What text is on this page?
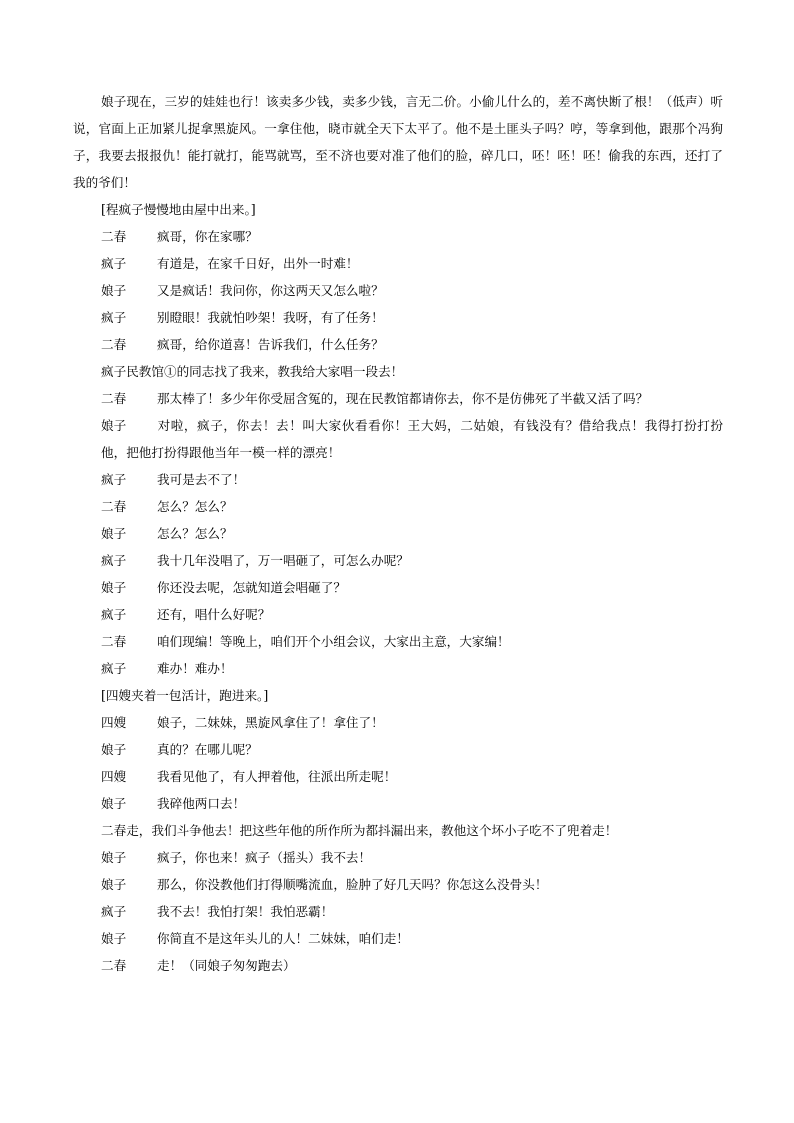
娘子现在，三岁的娃娃也行！该卖多少钱，卖多少钱，言无二价。小偷儿什么的，差不离快断了根！（低声）听说，官面上正加紧儿捉拿黑旋风。一拿住他，晓市就全天下太平了。他不是土匪头子吗？哼，等拿到他，跟那个冯狗子，我要去报报仇！能打就打，能骂就骂，至不济也要对准了他们的脸，碎几口，呸！呸！呸！偷我的东西，还打了我的爷们！

[程疯子慢慢地由屋中出来。]

二春 疯哥，你在家哪？

疯子 有道是，在家千日好，出外一时难！

娘子 又是疯话！我问你，你这两天又怎么啦？

疯子 别瞪眼！我就怕吵架！我呀，有了任务！

二春 疯哥，给你道喜！告诉我们，什么任务？

疯子民教馆①的同志找了我来，教我给大家唱一段去！

二春 那太棒了！多少年你受屈含冤的，现在民教馆都请你去，你不是仿佛死了半截又活了吗？

娘子 对啦，疯子，你去！去！叫大家伙看看你！王大妈，二姑娘，有钱没有？借给我点！我得打扮打扮他，把他打扮得跟他当年一模一样的漂亮！

疯子 我可是去不了！

二春 怎么？怎么？

娘子 怎么？怎么？

疯子 我十几年没唱了，万一唱砸了，可怎么办呢？

娘子 你还没去呢，怎就知道会唱砸了？

疯子 还有，唱什么好呢？

二春 咱们现编！等晚上，咱们开个小组会议，大家出主意，大家编！

疯子 难办！难办！

[四嫂夹着一包活计，跑进来。]

四嫂 娘子，二妹妹，黑旋风拿住了！拿住了！

娘子 真的？在哪儿呢？

四嫂 我看见他了，有人押着他，往派出所走呢！

娘子 我碎他两口去！

二春走，我们斗争他去！把这些年他的所作所为都抖漏出来，教他这个坏小子吃不了兜着走！

娘子 疯子，你也来！疯子（摇头）我不去！

娘子 那么，你没教他们打得顺嘴流血，脸肿了好几天吗？你怎这么没骨头！

疯子 我不去！我怕打架！我怕恶霸！

娘子 你简直不是这年头儿的人！二妹妹，咱们走！

二春 走！（同娘子匆匆跑去）
